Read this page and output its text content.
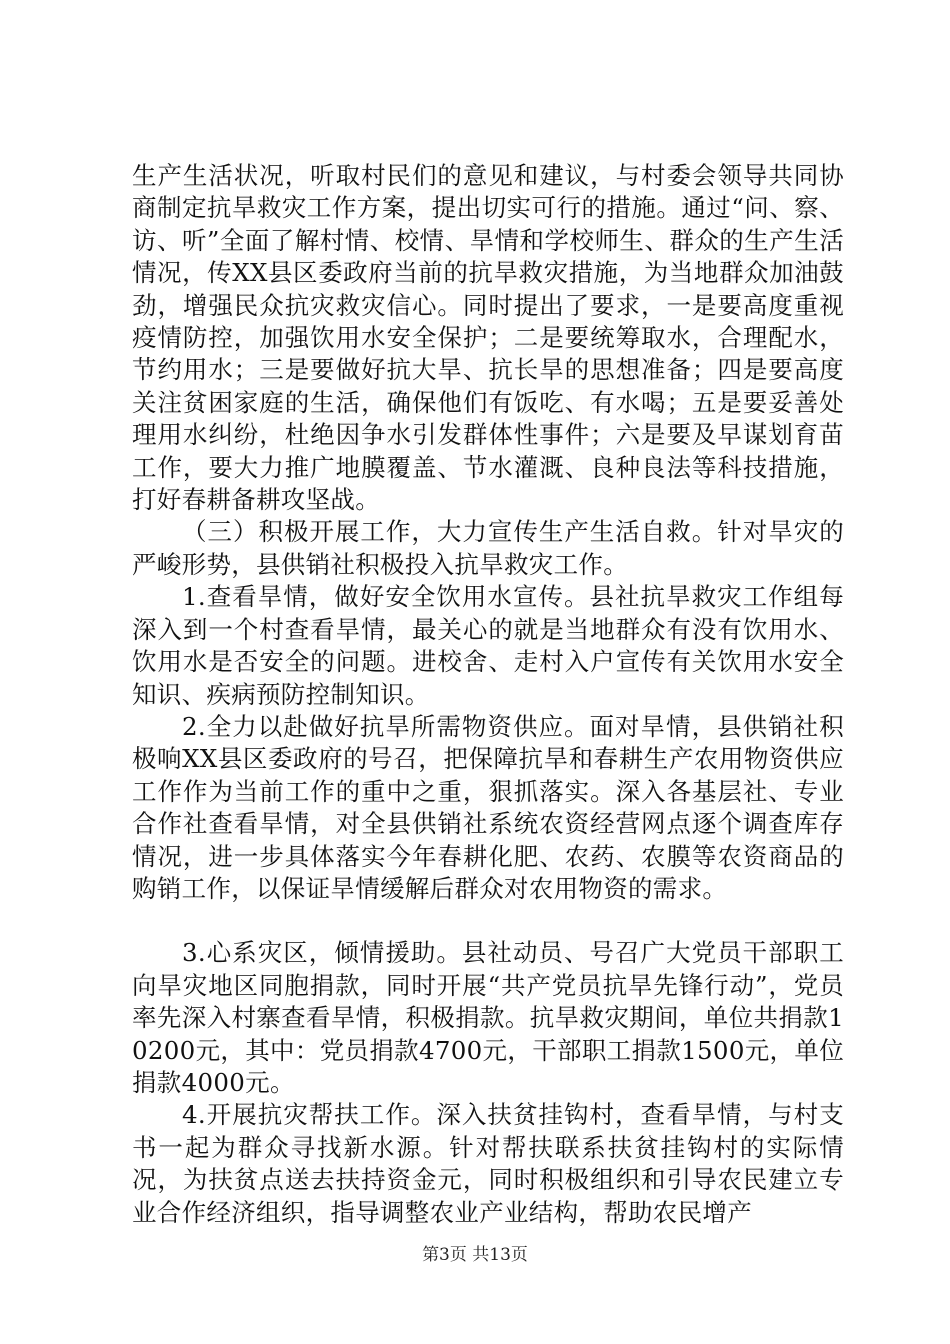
生产生活状况，听取村民们的意见和建议，与村委会领导共同协商制定抗旱救灾工作方案，提出切实可行的措施。通过“问、察、访、听”全面了解村情、校情、旱情和学校师生、群众的生产生活情况，传XX县区委政府当前的抗旱救灾措施，为当地群众加油鼓劲，增强民众抗灾救灾信心。同时提出了要求，一是要高度重视疫情防控，加强饮用水安全保护；二是要统筹取水，合理配水，节约用水；三是要做好抗大旱、抗长旱的思想准备；四是要高度关注贫困家庭的生活，确保他们有饭吃、有水喝；五是要妥善处理用水纠纷，杜绝因争水引发群体性事件；六是要及早谋划育苗工作，要大力推广地膜覆盖、节水灌溉、良种良法等科技措施，打好春耕备耕攻坚战。

（三）积极开展工作，大力宣传生产生活自救。针对旱灾的严峻形势，县供销社积极投入抗旱救灾工作。

1.查看旱情，做好安全饮用水宣传。县社抗旱救灾工作组每深入到一个村查看旱情，最关心的就是当地群众有没有饮用水、饮用水是否安全的问题。进校舍、走村入户宣传有关饮用水安全知识、疾病预防控制知识。

2.全力以赴做好抗旱所需物资供应。面对旱情，县供销社积极响XX县区委政府的号召，把保障抗旱和春耕生产农用物资供应工作作为当前工作的重中之重，狠抓落实。深入各基层社、专业合作社查看旱情，对全县供销社系统农资经营网点逐个调查库存情况，进一步具体落实今年春耕化肥、农药、农膜等农资商品的购销工作，以保证旱情缓解后群众对农用物资的需求。

3.心系灾区，倾情援助。县社动员、号召广大党员干部职工向旱灾地区同胞捐款，同时开展“共产党员抗旱先锋行动”，党员率先深入村寨查看旱情，积极捐款。抗旱救灾期间，单位共捐款10200元，其中：党员捐款4700元，干部职工捐款1500元，单位捐款4000元。

4.开展抗灾帮扶工作。深入扶贫挂钩村，查看旱情，与村支书一起为群众寻找新水源。针对帮扶联系扶贫挂钩村的实际情况，为扶贫点送去扶持资金元，同时积极组织和引导农民建立专业合作经济组织，指导调整农业产业结构，帮助农民增产

第3页 共13页
